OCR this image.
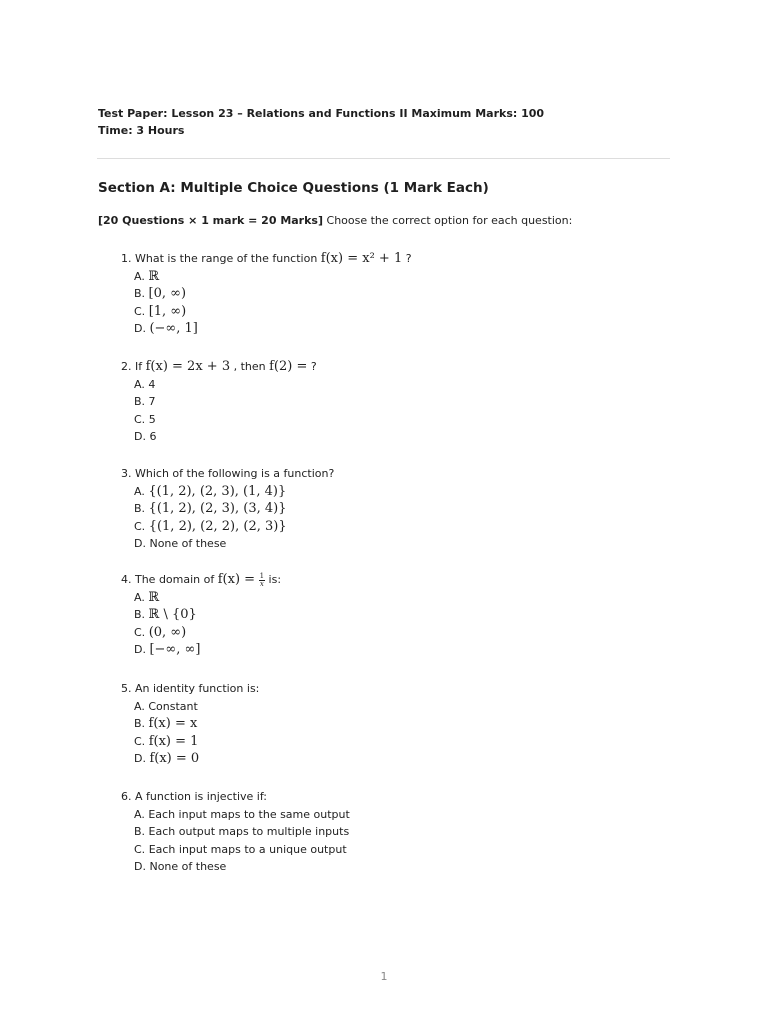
Test Paper: Lesson 23 – Relations and Functions II Maximum Marks: 100
Time: 3 Hours
Section A: Multiple Choice Questions (1 Mark Each)
[20 Questions × 1 mark = 20 Marks] Choose the correct option for each question:
1. What is the range of the function f(x) = x² + 1 ?
A. ℝ
B. [0, ∞)
C. [1, ∞)
D. (−∞, 1]
2. If f(x) = 2x + 3 , then f(2) = ?
A. 4
B. 7
C. 5
D. 6
3. Which of the following is a function?
A. {(1, 2), (2, 3), (1, 4)}
B. {(1, 2), (2, 3), (3, 4)}
C. {(1, 2), (2, 2), (2, 3)}
D. None of these
4. The domain of $f(x) = \frac{1}{x}$ is:
A. ℝ
B. ℝ \ {0}
C. (0, ∞)
D. [−∞, ∞]
5. An identity function is:
A. Constant
B. f(x) = x
C. f(x) = 1
D. f(x) = 0
6. A function is injective if:
A. Each input maps to the same output
B. Each output maps to multiple inputs
C. Each input maps to a unique output
D. None of these
1
